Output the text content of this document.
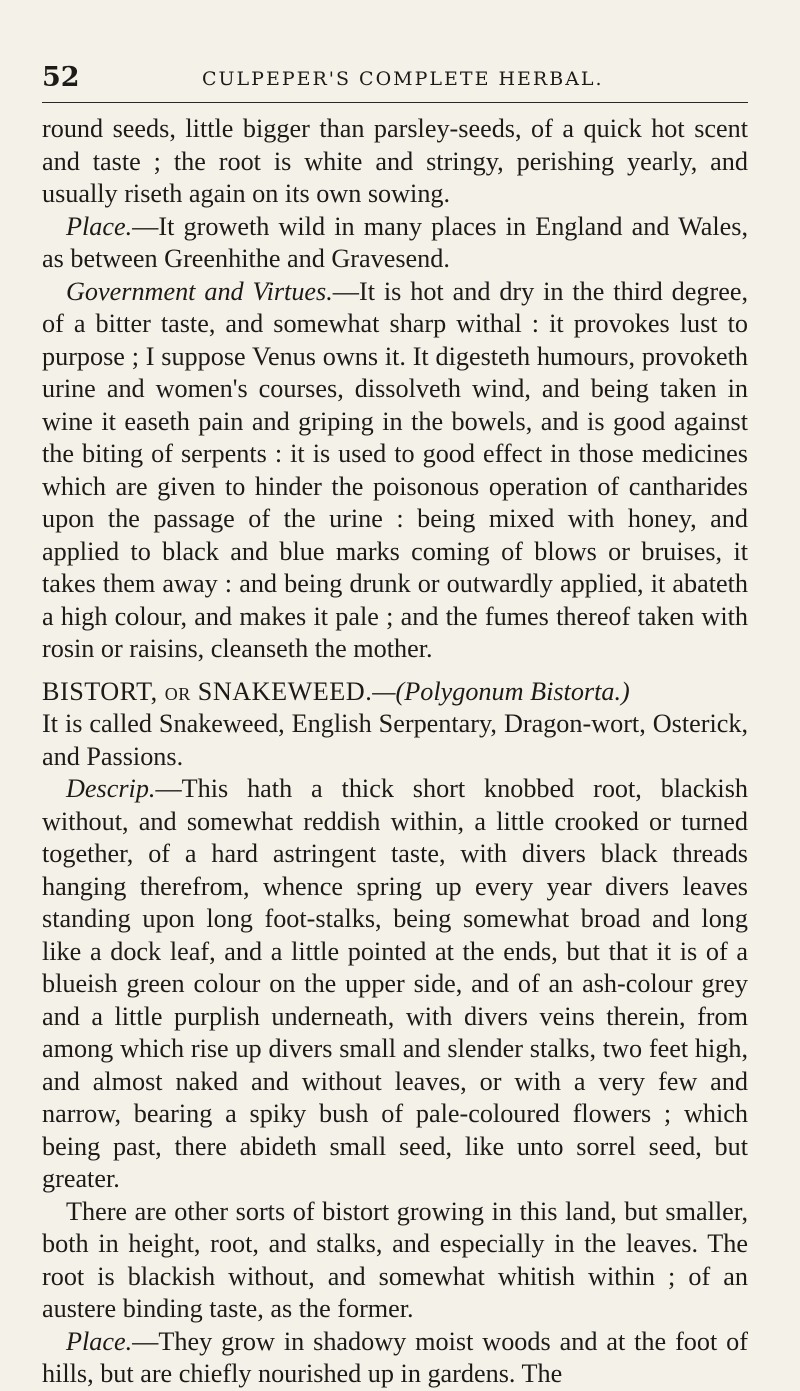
52	CULPEPER'S COMPLETE HERBAL.

round seeds, little bigger than parsley-seeds, of a quick hot scent and taste ; the root is white and stringy, perishing yearly, and usually riseth again on its own sowing.

Place.—It groweth wild in many places in England and Wales, as between Greenhithe and Gravesend.

Government and Virtues.—It is hot and dry in the third degree, of a bitter taste, and somewhat sharp withal : it provokes lust to purpose ; I suppose Venus owns it. It digesteth humours, provoketh urine and women's courses, dissolveth wind, and being taken in wine it easeth pain and griping in the bowels, and is good against the biting of serpents : it is used to good effect in those medicines which are given to hinder the poisonous operation of cantharides upon the passage of the urine : being mixed with honey, and applied to black and blue marks coming of blows or bruises, it takes them away : and being drunk or outwardly applied, it abateth a high colour, and makes it pale ; and the fumes thereof taken with rosin or raisins, cleanseth the mother.

BISTORT, or SNAKEWEED.—(Polygonum Bistorta.)

It is called Snakeweed, English Serpentary, Dragon-wort, Osterick, and Passions.

Descrip.—This hath a thick short knobbed root, blackish without, and somewhat reddish within, a little crooked or turned together, of a hard astringent taste, with divers black threads hanging therefrom, whence spring up every year divers leaves standing upon long foot-stalks, being somewhat broad and long like a dock leaf, and a little pointed at the ends, but that it is of a blueish green colour on the upper side, and of an ash-colour grey and a little purplish underneath, with divers veins therein, from among which rise up divers small and slender stalks, two feet high, and almost naked and without leaves, or with a very few and narrow, bearing a spiky bush of pale-coloured flowers ; which being past, there abideth small seed, like unto sorrel seed, but greater.

There are other sorts of bistort growing in this land, but smaller, both in height, root, and stalks, and especially in the leaves. The root is blackish without, and somewhat whitish within ; of an austere binding taste, as the former.

Place.—They grow in shadowy moist woods and at the foot of hills, but are chiefly nourished up in gardens. The
